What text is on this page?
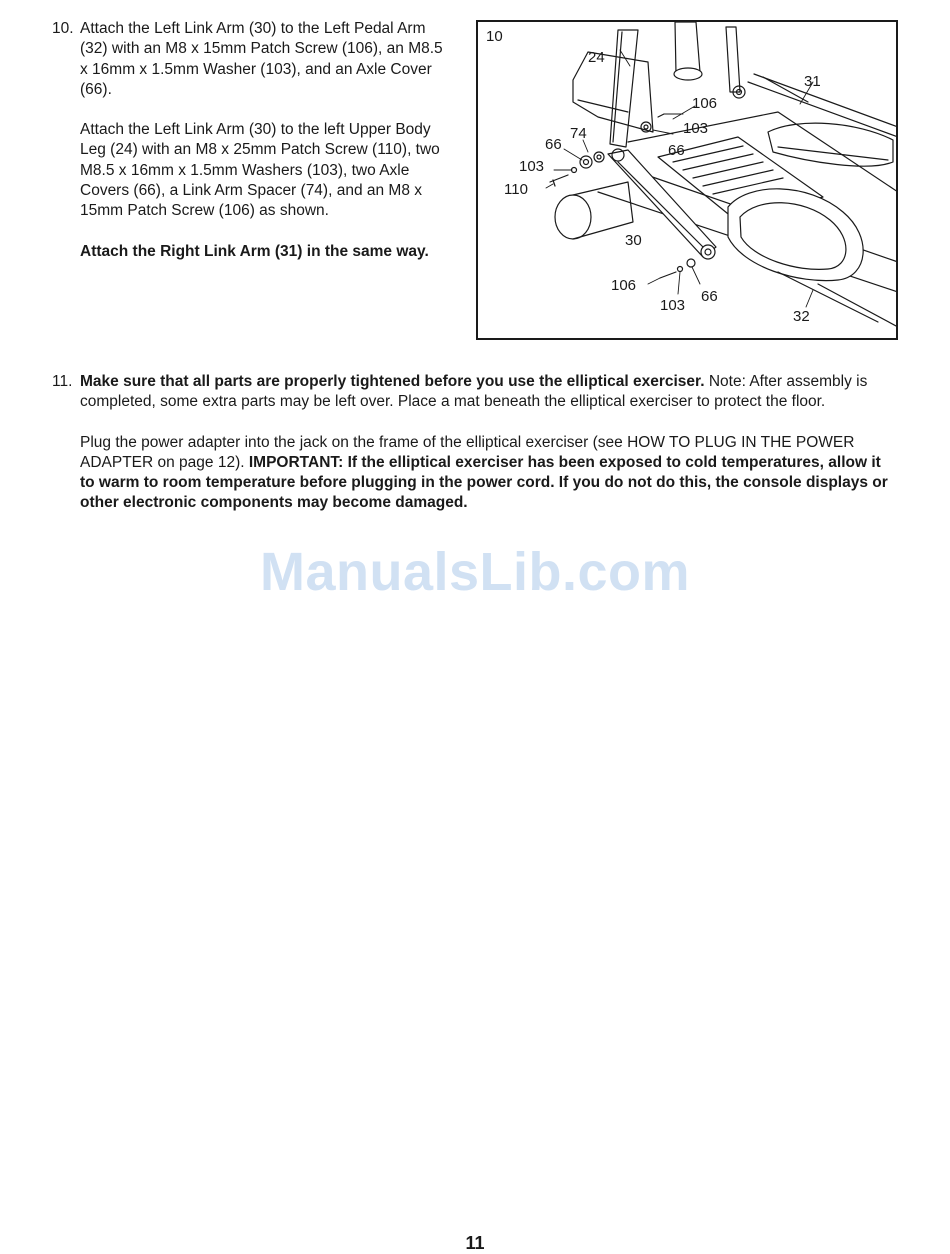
10. Attach the Left Link Arm (30) to the Left Pedal Arm (32) with an M8 x 15mm Patch Screw (106), an M8.5 x 16mm x 1.5mm Washer (103), and an Axle Cover (66).

Attach the Left Link Arm (30) to the left Upper Body Leg (24) with an M8 x 25mm Patch Screw (110), two M8.5 x 16mm x 1.5mm Washers (103), two Axle Covers (66), a Link Arm Spacer (74), and an M8 x 15mm Patch Screw (106) as shown.

Attach the Right Link Arm (31) in the same way.

10
24
31
106
103
74
66	66
103
110
30
106
66
103
32
11. Make sure that all parts are properly tightened before you use the elliptical exerciser. Note: After assembly is completed, some extra parts may be left over. Place a mat beneath the elliptical exerciser to protect the floor.

Plug the power adapter into the jack on the frame of the elliptical exerciser (see HOW TO PLUG IN THE POWER ADAPTER on page 12). IMPORTANT: If the elliptical exerciser has been exposed to cold temperatures, allow it to warm to room temperature before plugging in the power cord. If you do not do this, the console displays or other electronic components may become damaged.

ManualsLib.com
11
